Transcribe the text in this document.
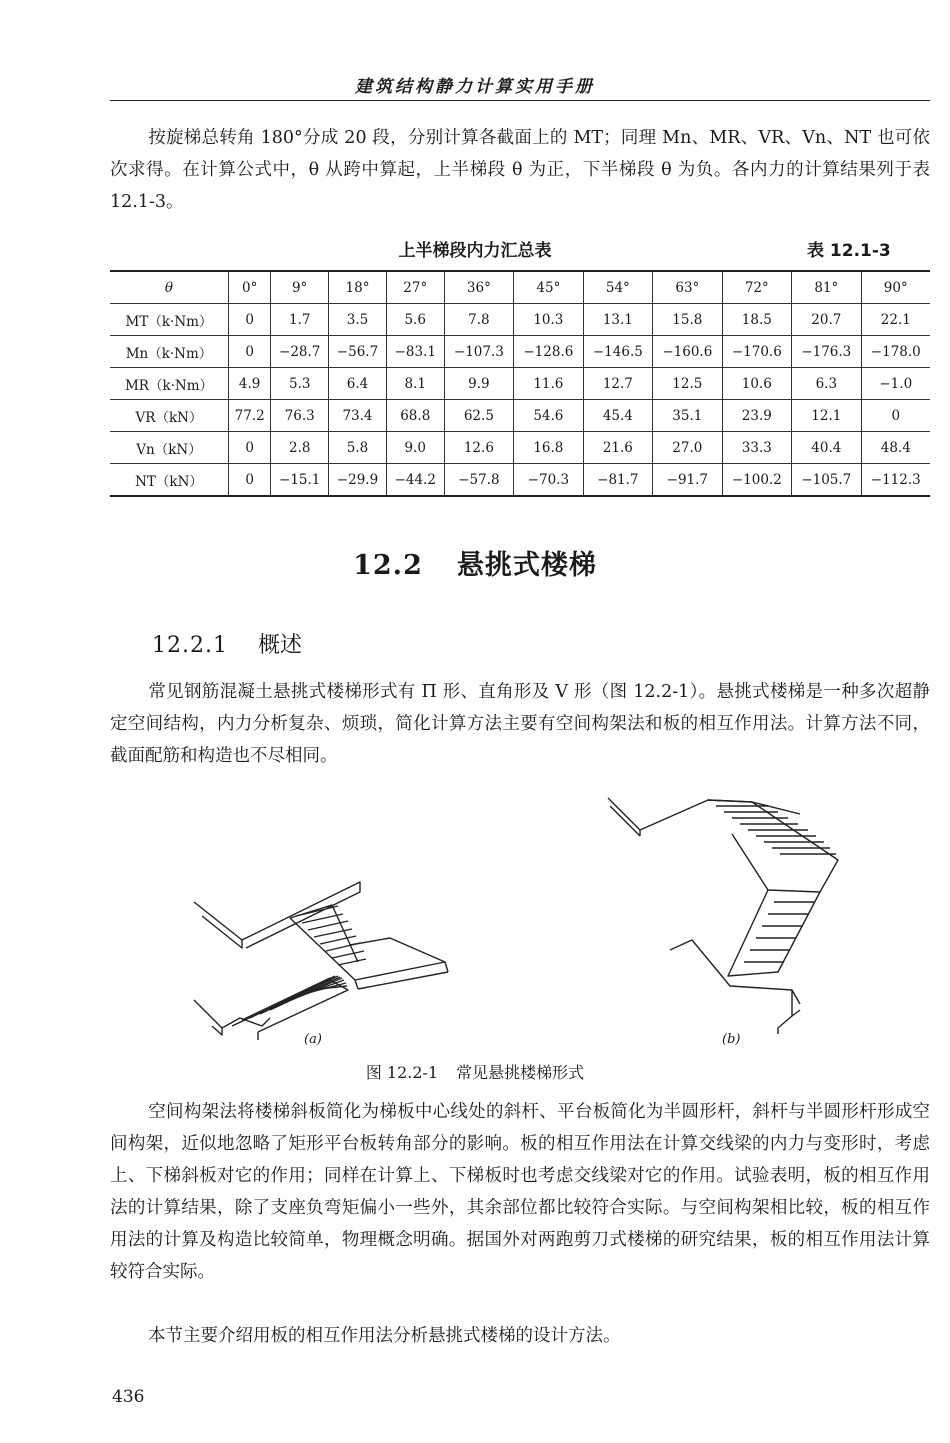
建筑结构静力计算实用手册

按旋梯总转角 180°分成 20 段，分别计算各截面上的 MT；同理 Mn、MR、VR、Vn、NT 也可依次求得。在计算公式中，θ 从跨中算起，上半梯段 θ 为正，下半梯段 θ 为负。各内力的计算结果列于表 12.1-3。

上半梯段内力汇总表	表 12.1-3
θ	0°	9°	18°	27°	36°	45°	54°	63°	72°	81°	90°
MT（k·Nm）	0	1.7	3.5	5.6	7.8	10.3	13.1	15.8	18.5	20.7	22.1
Mn（k·Nm）	0	−28.7	−56.7	−83.1	−107.3	−128.6	−146.5	−160.6	−170.6	−176.3	−178.0
MR（k·Nm）	4.9	5.3	6.4	8.1	9.9	11.6	12.7	12.5	10.6	6.3	−1.0
VR（kN）	77.2	76.3	73.4	68.8	62.5	54.6	45.4	35.1	23.9	12.1	0
Vn（kN）	0	2.8	5.8	9.0	12.6	16.8	21.6	27.0	33.3	40.4	48.4
NT（kN）	0	−15.1	−29.9	−44.2	−57.8	−70.3	−81.7	−91.7	−100.2	−105.7	−112.3
12.2 悬挑式楼梯
12.2.1 概述

常见钢筋混凝土悬挑式楼梯形式有 Π 形、直角形及 V 形（图 12.2-1）。悬挑式楼梯是一种多次超静定空间结构，内力分析复杂、烦琐，简化计算方法主要有空间构架法和板的相互作用法。计算方法不同，截面配筋和构造也不尽相同。

(a)	(b)
图 12.2-1 常见悬挑楼梯形式

空间构架法将楼梯斜板简化为梯板中心线处的斜杆、平台板简化为半圆形杆，斜杆与半圆形杆形成空间构架，近似地忽略了矩形平台板转角部分的影响。板的相互作用法在计算交线梁的内力与变形时，考虑上、下梯斜板对它的作用；同样在计算上、下梯板时也考虑交线梁对它的作用。试验表明，板的相互作用法的计算结果，除了支座负弯矩偏小一些外，其余部位都比较符合实际。与空间构架相比较，板的相互作用法的计算及构造比较简单，物理概念明确。据国外对两跑剪刀式楼梯的研究结果，板的相互作用法计算较符合实际。

本节主要介绍用板的相互作用法分析悬挑式楼梯的设计方法。

436
